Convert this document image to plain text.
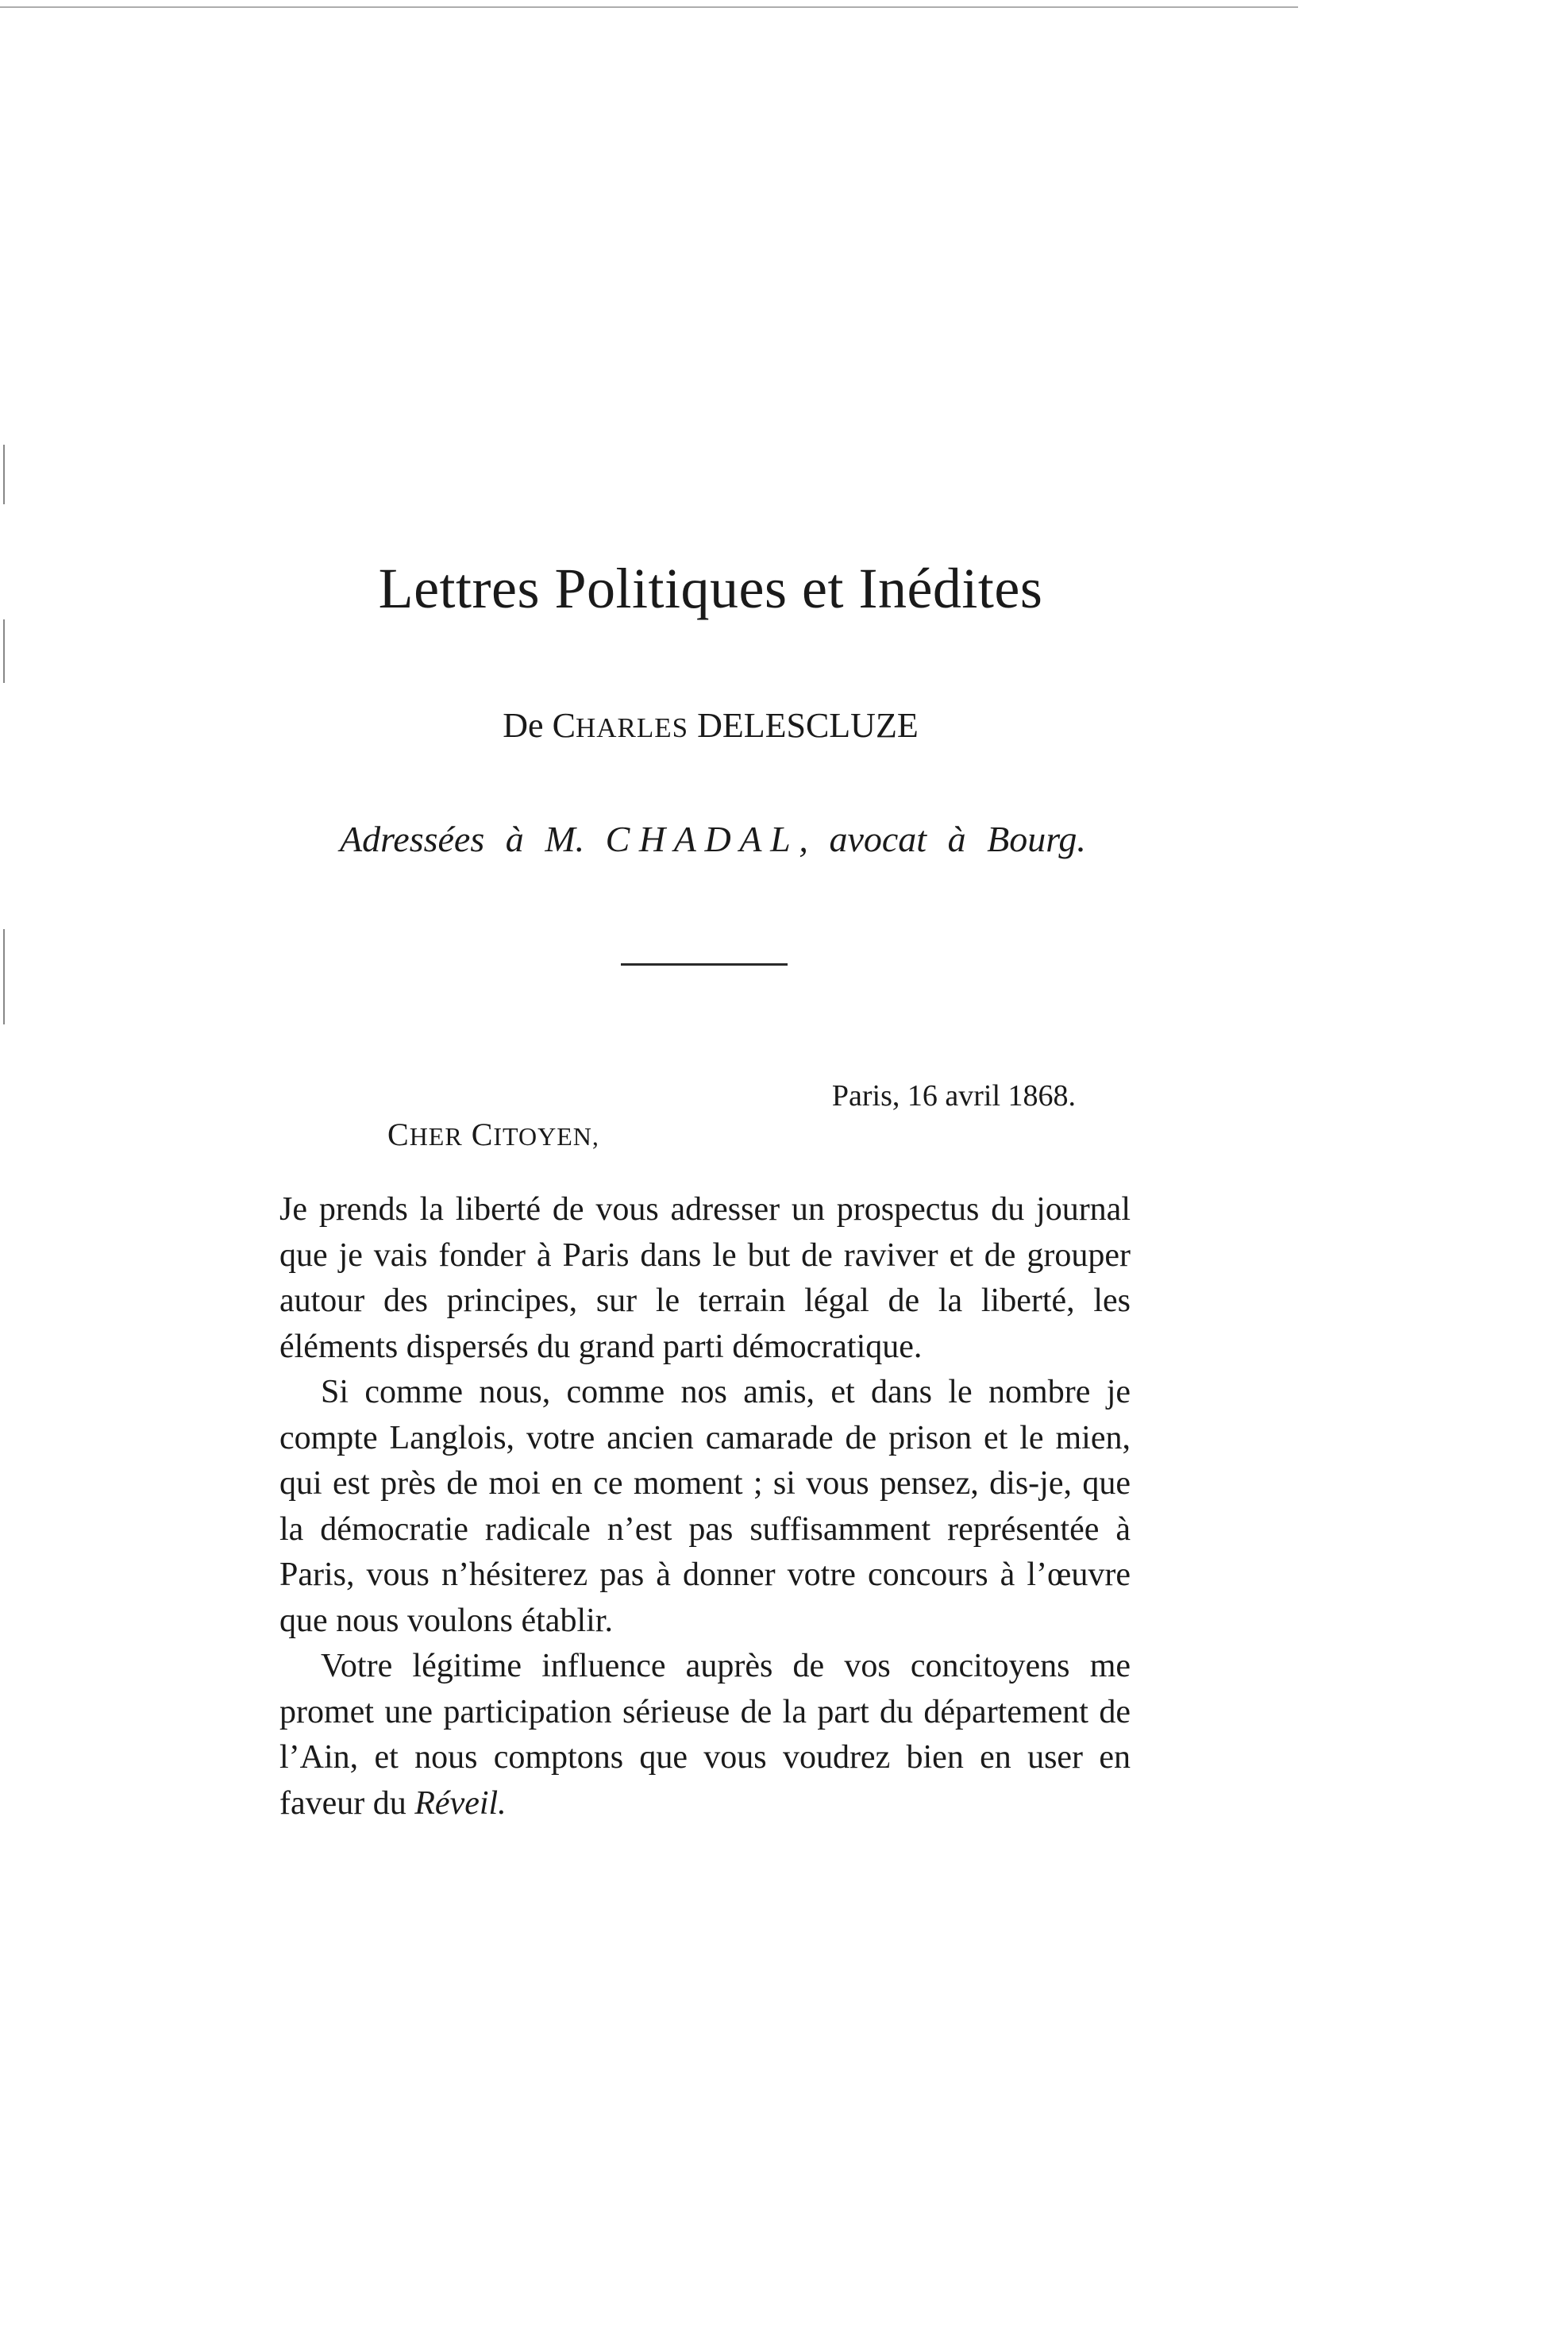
Lettres Politiques et Inédites
De CHARLES DELESCLUZE
Adressées à M. C H A D A L , avocat à Bourg.
Paris, 16 avril 1868.
CHER CITOYEN,

Je prends la liberté de vous adresser un prospectus du journal que je vais fonder à Paris dans le but de raviver et de grouper autour des principes, sur le terrain légal de la liberté, les éléments dispersés du grand parti démocratique.

Si comme nous, comme nos amis, et dans le nombre je compte Langlois, votre ancien camarade de prison et le mien, qui est près de moi en ce moment ; si vous pensez, dis-je, que la démocratie radicale n’est pas suffisamment représentée à Paris, vous n’hésiterez pas à donner votre concours à l’œuvre que nous voulons établir.

Votre légitime influence auprès de vos concitoyens me promet une participation sérieuse de la part du département de l’Ain, et nous comptons que vous voudrez bien en user en faveur du Réveil.
